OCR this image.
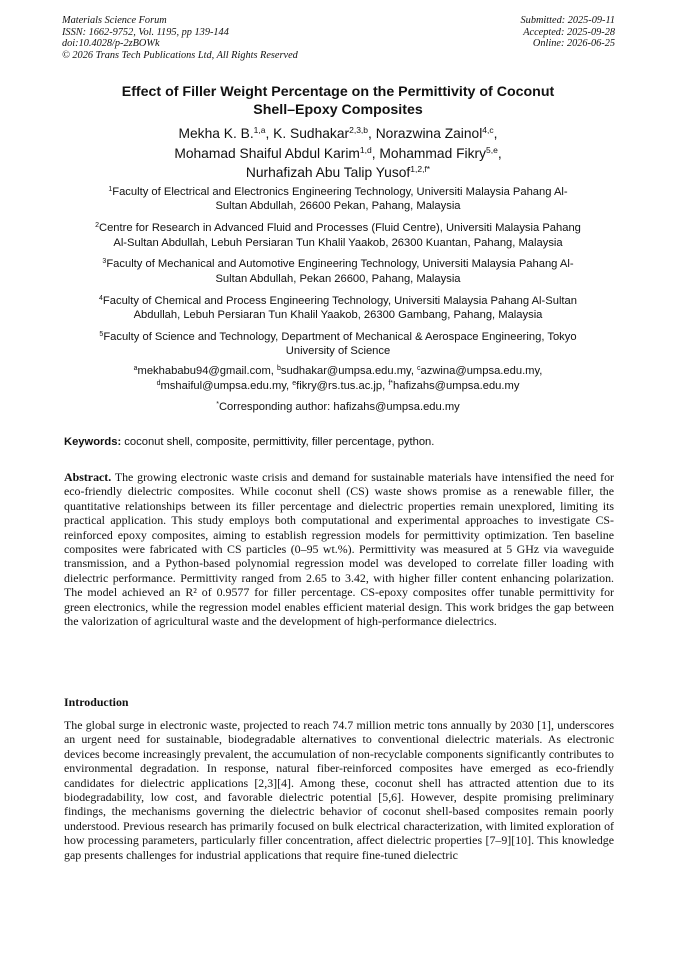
Materials Science Forum
ISSN: 1662-9752, Vol. 1195, pp 139-144
doi:10.4028/p-2zBOWk
© 2026 Trans Tech Publications Ltd, All Rights Reserved
Submitted: 2025-09-11
Accepted: 2025-09-28
Online: 2026-06-25
Effect of Filler Weight Percentage on the Permittivity of Coconut
Shell–Epoxy Composites
Mekha K. B.$^{1,a}$, K. Sudhakar$^{2,3,b}$, Norazwina Zainol$^{4,c}$,
Mohamad Shaiful Abdul Karim$^{1,d}$, Mohammad Fikry$^{5,e}$,
Nurhafizah Abu Talip Yusof$^{1,2,f*}$
$^1$Faculty of Electrical and Electronics Engineering Technology, Universiti Malaysia Pahang Al-
Sultan Abdullah, 26600 Pekan, Pahang, Malaysia
$^2$Centre for Research in Advanced Fluid and Processes (Fluid Centre), Universiti Malaysia Pahang
Al-Sultan Abdullah, Lebuh Persiaran Tun Khalil Yaakob, 26300 Kuantan, Pahang, Malaysia
$^3$Faculty of Mechanical and Automotive Engineering Technology, Universiti Malaysia Pahang Al-
Sultan Abdullah, Pekan 26600, Pahang, Malaysia
$^4$Faculty of Chemical and Process Engineering Technology, Universiti Malaysia Pahang Al-Sultan
Abdullah, Lebuh Persiaran Tun Khalil Yaakob, 26300 Gambang, Pahang, Malaysia
$^5$Faculty of Science and Technology, Department of Mechanical & Aerospace Engineering, Tokyo
University of Science
$^a$mekhababu94@gmail.com, $^b$sudhakar@umpsa.edu.my, $^c$azwina@umpsa.edu.my,
$^d$mshaiful@umpsa.edu.my, $^e$fikry@rs.tus.ac.jp, $^{f*}$hafizahs@umpsa.edu.my
*Corresponding author: hafizahs@umpsa.edu.my
Keywords: coconut shell, composite, permittivity, filler percentage, python.
Abstract. The growing electronic waste crisis and demand for sustainable materials have intensified the need for eco-friendly dielectric composites. While coconut shell (CS) waste shows promise as a renewable filler, the quantitative relationships between its filler percentage and dielectric properties remain unexplored, limiting its practical application. This study employs both computational and experimental approaches to investigate CS-reinforced epoxy composites, aiming to establish regression models for permittivity optimization. Ten baseline composites were fabricated with CS particles (0–95 wt.%). Permittivity was measured at 5 GHz via waveguide transmission, and a Python-based polynomial regression model was developed to correlate filler loading with dielectric performance. Permittivity ranged from 2.65 to 3.42, with higher filler content enhancing polarization. The model achieved an R² of 0.9577 for filler percentage. CS-epoxy composites offer tunable permittivity for green electronics, while the regression model enables efficient material design. This work bridges the gap between the valorization of agricultural waste and the development of high-performance dielectrics.
Introduction
The global surge in electronic waste, projected to reach 74.7 million metric tons annually by 2030 [1], underscores an urgent need for sustainable, biodegradable alternatives to conventional dielectric materials. As electronic devices become increasingly prevalent, the accumulation of non-recyclable components significantly contributes to environmental degradation. In response, natural fiber-reinforced composites have emerged as eco-friendly candidates for dielectric applications [2,3][4]. Among these, coconut shell has attracted attention due to its biodegradability, low cost, and favorable dielectric potential [5,6]. However, despite promising preliminary findings, the mechanisms governing the dielectric behavior of coconut shell-based composites remain poorly understood. Previous research has primarily focused on bulk electrical characterization, with limited exploration of how processing parameters, particularly filler concentration, affect dielectric properties [7–9][10]. This knowledge gap presents challenges for industrial applications that require fine-tuned dielectric
